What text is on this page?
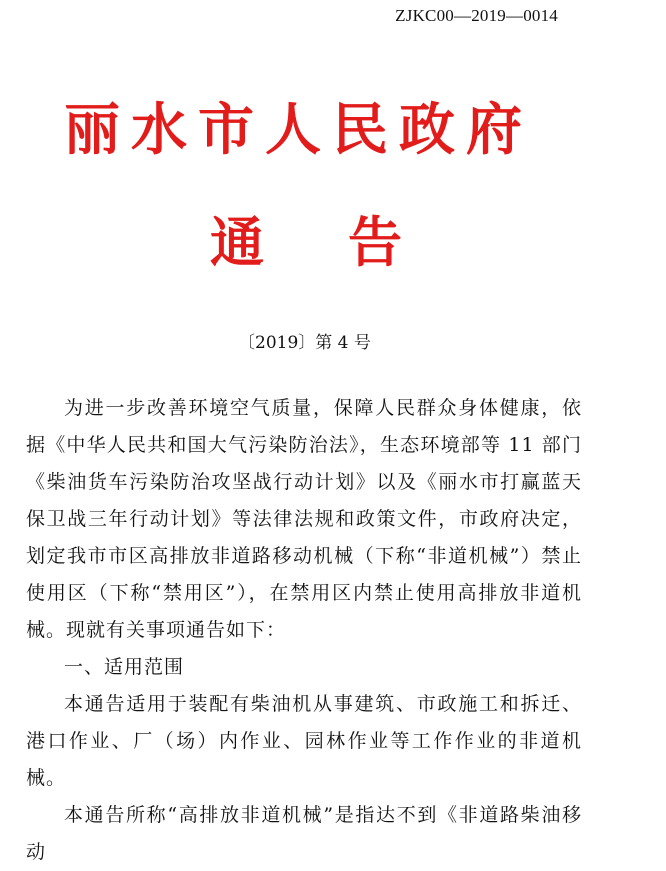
ZJKC00—2019—0014
丽水市人民政府
通告
〔2019〕第 4 号

为进一步改善环境空气质量，保障人民群众身体健康，依据《中华人民共和国大气污染防治法》，生态环境部等 11 部门《柴油货车污染防治攻坚战行动计划》以及《丽水市打赢蓝天保卫战三年行动计划》等法律法规和政策文件，市政府决定，划定我市市区高排放非道路移动机械（下称“非道机械”）禁止使用区（下称“禁用区”），在禁用区内禁止使用高排放非道机械。现就有关事项通告如下：

一、适用范围

本通告适用于装配有柴油机从事建筑、市政施工和拆迁、港口作业、厂（场）内作业、园林作业等工作作业的非道机械。

本通告所称“高排放非道机械”是指达不到《非道路柴油移动
